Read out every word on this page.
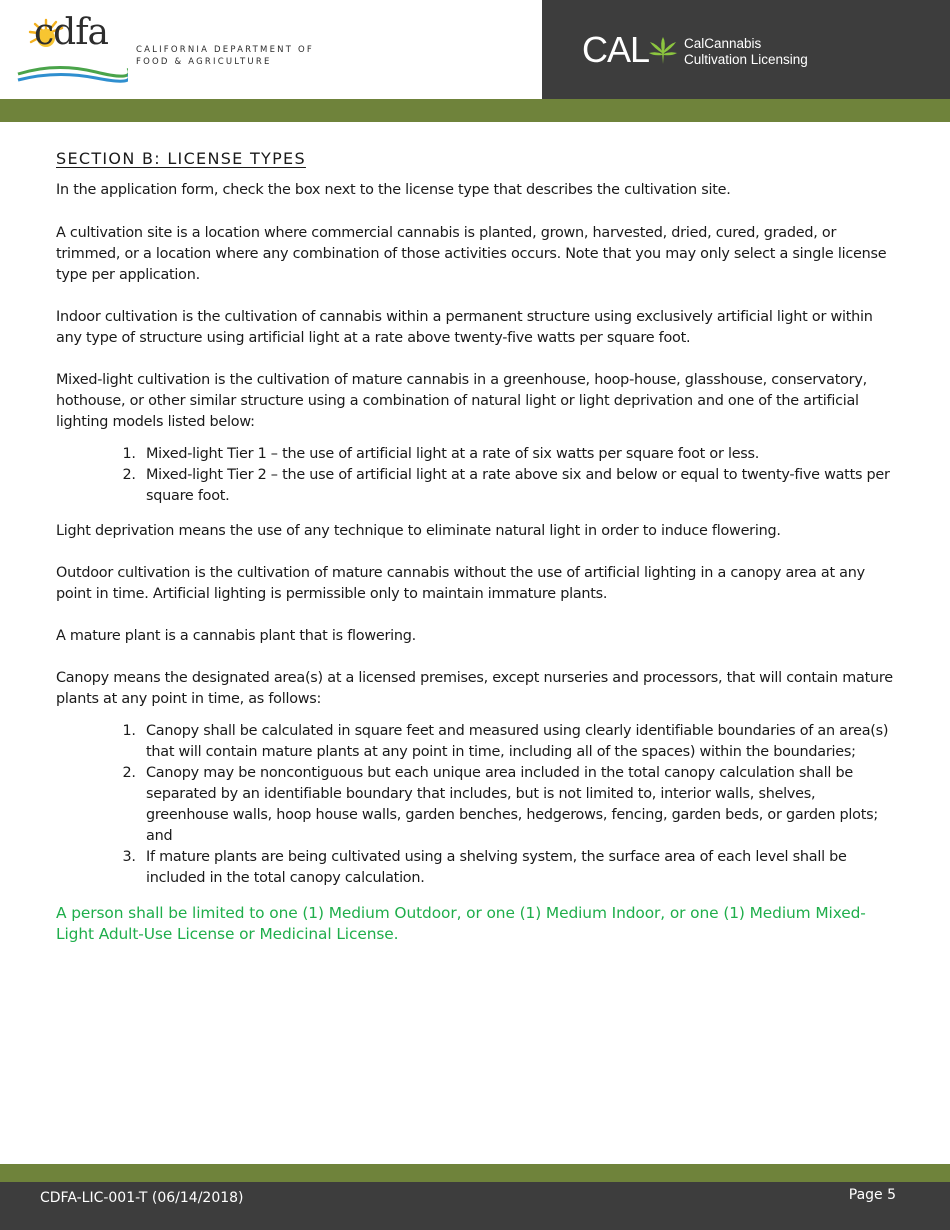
cdfa	CALIFORNIA DEPARTMENT OF
FOOD & AGRICULTURE	CAL	CalCannabis
Cultivation Licensing
SECTION B: LICENSE TYPES

In the application form, check the box next to the license type that describes the cultivation site.

A cultivation site is a location where commercial cannabis is planted, grown, harvested, dried, cured, graded, or trimmed, or a location where any combination of those activities occurs. Note that you may only select a single license type per application.

Indoor cultivation is the cultivation of cannabis within a permanent structure using exclusively artificial light or within any type of structure using artificial light at a rate above twenty-five watts per square foot.

Mixed-light cultivation is the cultivation of mature cannabis in a greenhouse, hoop-house, glasshouse, conservatory, hothouse, or other similar structure using a combination of natural light or light deprivation and one of the artificial lighting models listed below:

1. Mixed-light Tier 1 – the use of artificial light at a rate of six watts per square foot or less.
2. Mixed-light Tier 2 – the use of artificial light at a rate above six and below or equal to twenty-five watts per square foot.

Light deprivation means the use of any technique to eliminate natural light in order to induce flowering.

Outdoor cultivation is the cultivation of mature cannabis without the use of artificial lighting in a canopy area at any point in time. Artificial lighting is permissible only to maintain immature plants.

A mature plant is a cannabis plant that is flowering.

Canopy means the designated area(s) at a licensed premises, except nurseries and processors, that will contain mature plants at any point in time, as follows:

1. Canopy shall be calculated in square feet and measured using clearly identifiable boundaries of an area(s) that will contain mature plants at any point in time, including all of the spaces) within the boundaries;
2. Canopy may be noncontiguous but each unique area included in the total canopy calculation shall be separated by an identifiable boundary that includes, but is not limited to, interior walls, shelves, greenhouse walls, hoop house walls, garden benches, hedgerows, fencing, garden beds, or garden plots; and
3. If mature plants are being cultivated using a shelving system, the surface area of each level shall be included in the total canopy calculation.

A person shall be limited to one (1) Medium Outdoor, or one (1) Medium Indoor, or one (1) Medium Mixed-Light Adult-Use License or Medicinal License.

CDFA-LIC-001-T (06/14/2018)	Page 5
